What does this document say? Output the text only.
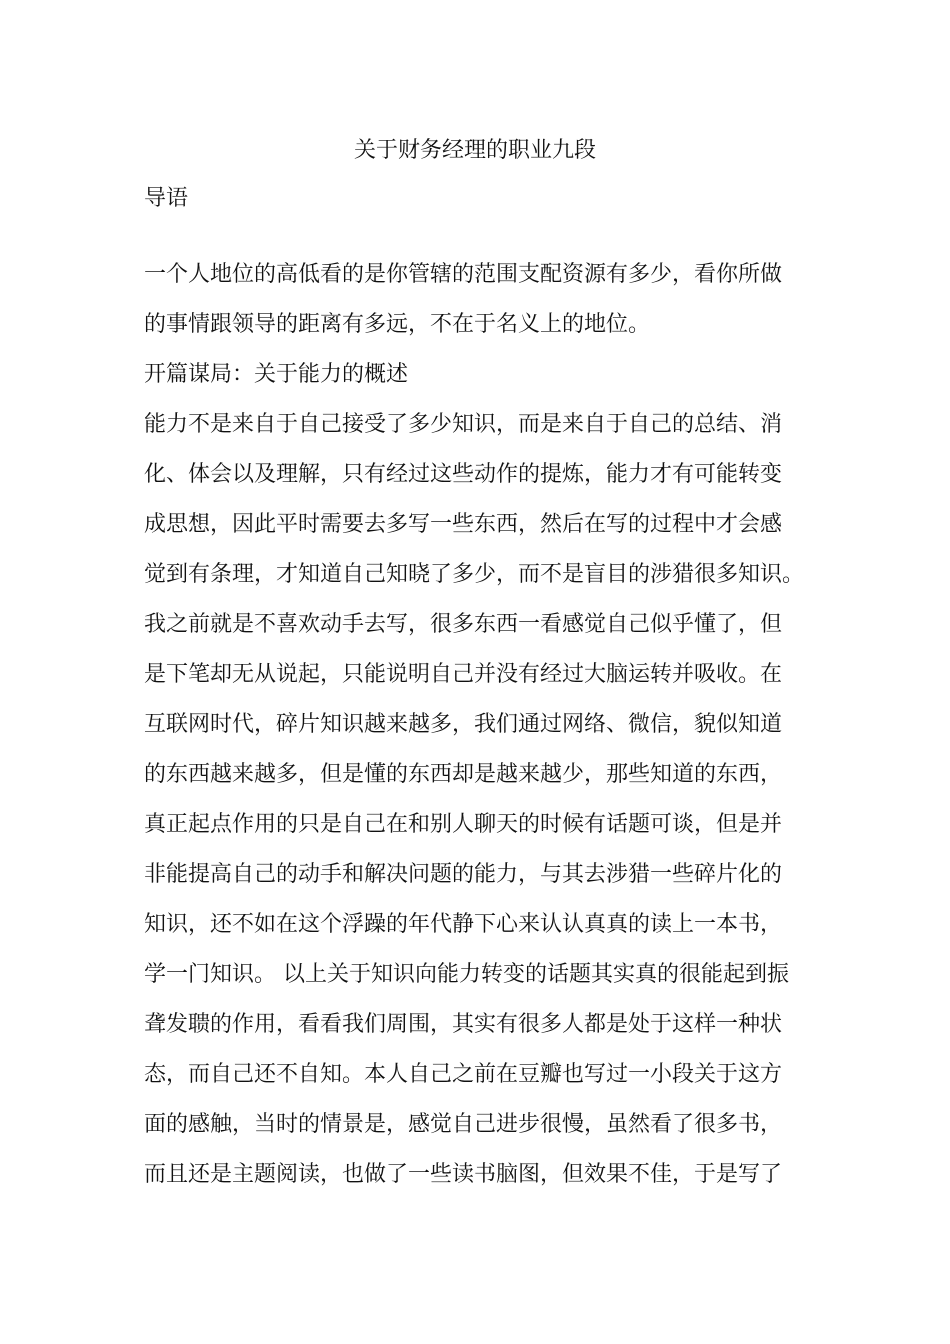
关于财务经理的职业九段
导语
一个人地位的高低看的是你管辖的范围支配资源有多少，看你所做
的事情跟领导的距离有多远，不在于名义上的地位。
开篇谋局：关于能力的概述
能力不是来自于自己接受了多少知识，而是来自于自己的总结、消
化、体会以及理解，只有经过这些动作的提炼，能力才有可能转变
成思想，因此平时需要去多写一些东西，然后在写的过程中才会感
觉到有条理，才知道自己知晓了多少，而不是盲目的涉猎很多知识。
我之前就是不喜欢动手去写，很多东西一看感觉自己似乎懂了，但
是下笔却无从说起，只能说明自己并没有经过大脑运转并吸收。在
互联网时代，碎片知识越来越多，我们通过网络、微信，貌似知道
的东西越来越多，但是懂的东西却是越来越少，那些知道的东西，
真正起点作用的只是自己在和别人聊天的时候有话题可谈，但是并
非能提高自己的动手和解决问题的能力，与其去涉猎一些碎片化的
知识，还不如在这个浮躁的年代静下心来认认真真的读上一本书，
学一门知识。 以上关于知识向能力转变的话题其实真的很能起到振
聋发聩的作用，看看我们周围，其实有很多人都是处于这样一种状
态，而自己还不自知。本人自己之前在豆瓣也写过一小段关于这方
面的感触，当时的情景是，感觉自己进步很慢，虽然看了很多书，
而且还是主题阅读，也做了一些读书脑图，但效果不佳，于是写了
